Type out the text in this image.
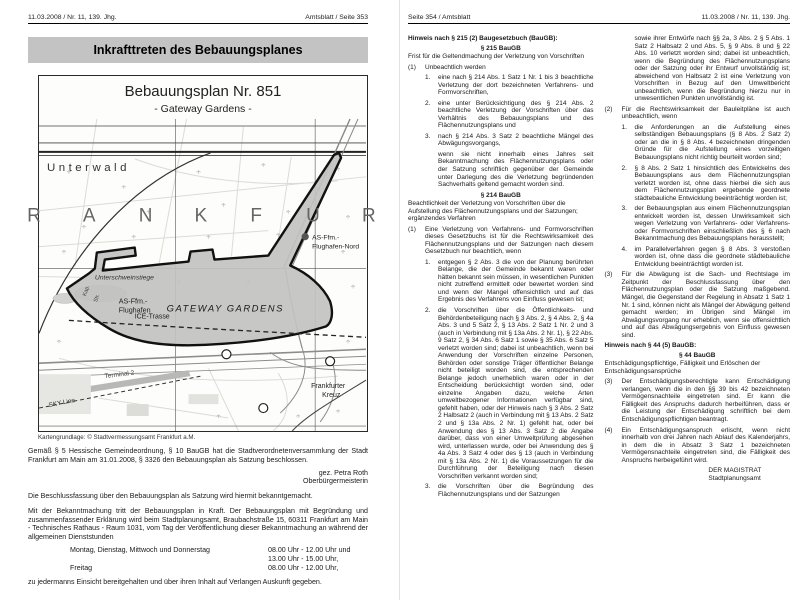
11.03.2008 / Nr. 11, 139. Jhg.	Amtsblatt / Seite 353
Inkrafttreten des Bebauungsplanes
Bebauungsplan Nr. 851
- Gateway Gardens -
Unterwald
R A N K F U R
Unterschweinstiege
AS-Ffm.-
Flughafen-Nord
AS-Ffm.-
Flughafen GATEWAY GARDENS
ICE-Trasse
Terminal 2
SKY Line
Frankfurter
Kreuz
Kap.
Str.
Kartengrundlage: © Stadtvermessungsamt Frankfurt a.M.
Gemäß § 5 Hessische Gemeindeordnung, § 10 BauGB hat die Stadtverordnetenversammlung der Stadt Frankfurt am Main am 31.01.2008, § 3326 den Bebauungsplan als Satzung beschlossen.
gez. Petra Roth
Oberbürgermeisterin
Die Beschlussfassung über den Bebauungsplan als Satzung wird hiermit bekanntgemacht.
Mit der Bekanntmachung tritt der Bebauungsplan in Kraft. Der Bebauungsplan mit Begründung und zusammenfassender Erklärung wird beim Stadtplanungsamt, Braubachstraße 15, 60311 Frankfurt am Main - Technisches Rathaus - Raum 1031, vom Tag der Veröffentlichung dieser Bekanntmachung an während der allgemeinen Dienststunden
Montag, Dienstag, Mittwoch und Donnerstag	08.00 Uhr - 12.00 Uhr und 13.00 Uhr - 15.00 Uhr,
Freitag	08.00 Uhr - 12.00 Uhr,
zu jedermanns Einsicht bereitgehalten und über ihren Inhalt auf Verlangen Auskunft gegeben.
Seite 354 / Amtsblatt	11.03.2008 / Nr. 11, 139. Jhg.
Hinweis nach § 215 (2) Baugesetzbuch (BauGB):
§ 215 BauGB
Frist für die Geltendmachung der Verletzung von Vorschriften
(1)	Unbeachtlich werden
1.	eine nach § 214 Abs. 1 Satz 1 Nr. 1 bis 3 beachtliche Verletzung der dort bezeichneten Verfahrens- und Formvorschriften,
2.	eine unter Berücksichtigung des § 214 Abs. 2 beachtliche Verletzung der Vorschriften über das Verhältnis des Bebauungsplans und des Flächennutzungsplans und
3.	nach § 214 Abs. 3 Satz 2 beachtliche Mängel des Abwägungsvorgangs,
wenn sie nicht innerhalb eines Jahres seit Bekanntmachung des Flächennutzungsplans oder der Satzung schriftlich gegenüber der Gemeinde unter Darlegung des die Verletzung begründenden Sachverhalts geltend gemacht worden sind.
§ 214 BauGB
Beachtlichkeit der Verletzung von Vorschriften über die Aufstellung des Flächennutzungsplans und der Satzungen; ergänzendes Verfahren
(1)	Eine Verletzung von Verfahrens- und Formvorschriften dieses Gesetzbuchs ist für die Rechtswirksamkeit des Flächennutzungsplans und der Satzungen nach diesem Gesetzbuch nur beachtlich, wenn
1.	entgegen § 2 Abs. 3 die von der Planung berührten Belange, die der Gemeinde bekannt waren oder hätten bekannt sein müssen, in wesentlichen Punkten nicht zutreffend ermittelt oder bewertet worden sind und wenn der Mangel offensichtlich und auf das Ergebnis des Verfahrens von Einfluss gewesen ist;
2.	die Vorschriften über die Öffentlichkeits- und Behördenbeteiligung nach § 3 Abs. 2, § 4 Abs. 2, § 4a Abs. 3 und 5 Satz 2, § 13 Abs. 2 Satz 1 Nr. 2 und 3 (auch in Verbindung mit § 13a Abs. 2 Nr. 1), § 22 Abs. 9 Satz 2, § 34 Abs. 6 Satz 1 sowie § 35 Abs. 6 Satz 5 verletzt worden sind; dabei ist unbeachtlich, wenn bei Anwendung der Vorschriften einzelne Personen, Behörden oder sonstige Träger öffentlicher Belange nicht beteiligt worden sind, die entsprechenden Belange jedoch unerheblich waren oder in der Entscheidung berücksichtigt worden sind, oder einzelne Angaben dazu, welche Arten umweltbezogener Informationen verfügbar sind, gefehlt haben, oder der Hinweis nach § 3 Abs. 2 Satz 2 Halbsatz 2 (auch in Verbindung mit § 13 Abs. 2 Satz 2 und § 13a Abs. 2 Nr. 1) gefehlt hat, oder bei Anwendung des § 13 Abs. 3 Satz 2 die Angabe darüber, dass von einer Umweltprüfung abgesehen wird, unterlassen wurde, oder bei Anwendung des § 4a Abs. 3 Satz 4 oder des § 13 (auch in Verbindung mit § 13a Abs. 2 Nr. 1) die Voraussetzungen für die Durchführung der Beteiligung nach diesen Vorschriften verkannt worden sind;
3.	die Vorschriften über die Begründung des Flächennutzungsplans und der Satzungen
sowie ihrer Entwürfe nach §§ 2a, 3 Abs. 2 § 5 Abs. 1 Satz 2 Halbsatz 2 und Abs. 5, § 9 Abs. 8 und § 22 Abs. 10 verletzt worden sind; dabei ist unbeachtlich, wenn die Begründung des Flächennutzungsplans oder der Satzung oder ihr Entwurf unvollständig ist; abweichend von Halbsatz 2 ist eine Verletzung von Vorschriften in Bezug auf den Umweltbericht unbeachtlich, wenn die Begründung hierzu nur in unwesentlichen Punkten unvollständig ist.
(2)	Für die Rechtswirksamkeit der Bauleitpläne ist auch unbeachtlich, wenn
1.	die Anforderungen an die Aufstellung eines selbständigen Bebauungsplans (§ 8 Abs. 2 Satz 2) oder an die in § 8 Abs. 4 bezeichneten dringenden Gründe für die Aufstellung eines vorzeitigen Bebauungsplans nicht richtig beurteilt worden sind;
2.	§ 8 Abs. 2 Satz 1 hinsichtlich des Entwickelns des Bebauungsplans aus dem Flächennutzungsplan verletzt worden ist, ohne dass hierbei die sich aus dem Flächennutzungsplan ergebende geordnete städtebauliche Entwicklung beeinträchtigt worden ist;
3.	der Bebauungsplan aus einem Flächennutzungsplan entwickelt worden ist, dessen Unwirksamkeit sich wegen Verletzung von Verfahrens- oder Verfahrens- oder Formvorschriften einschließlich des § 6 nach Bekanntmachung des Bebauungsplans herausstellt;
4.	im Parallelverfahren gegen § 8 Abs. 3 verstoßen worden ist, ohne dass die geordnete städtebauliche Entwicklung beeinträchtigt worden ist.
(3)	Für die Abwägung ist die Sach- und Rechtslage im Zeitpunkt der Beschlussfassung über den Flächennutzungsplan oder die Satzung maßgebend. Mängel, die Gegenstand der Regelung in Absatz 1 Satz 1 Nr. 1 sind, können nicht als Mängel der Abwägung geltend gemacht werden; im Übrigen sind Mängel im Abwägungsvorgang nur erheblich, wenn sie offensichtlich und auf das Abwägungsergebnis von Einfluss gewesen sind.
Hinweis nach § 44 (5) BauGB:
§ 44 BauGB
Entschädigungspflichtige, Fälligkeit und Erlöschen der Entschädigungsansprüche
(3)	Der Entschädigungsberechtigte kann Entschädigung verlangen, wenn die in den §§ 39 bis 42 bezeichneten Vermögensnachteile eingetreten sind. Er kann die Fälligkeit des Anspruchs dadurch herbeiführen, dass er die Leistung der Entschädigung schriftlich bei dem Entschädigungspflichtigen beantragt.
(4)	Ein Entschädigungsanspruch erlischt, wenn nicht innerhalb von drei Jahren nach Ablauf des Kalenderjahrs, in dem die in Absatz 3 Satz 1 bezeichneten Vermögensnachteile eingetreten sind, die Fälligkeit des Anspruchs herbeigeführt wird.
DER MAGISTRAT
Stadtplanungsamt
